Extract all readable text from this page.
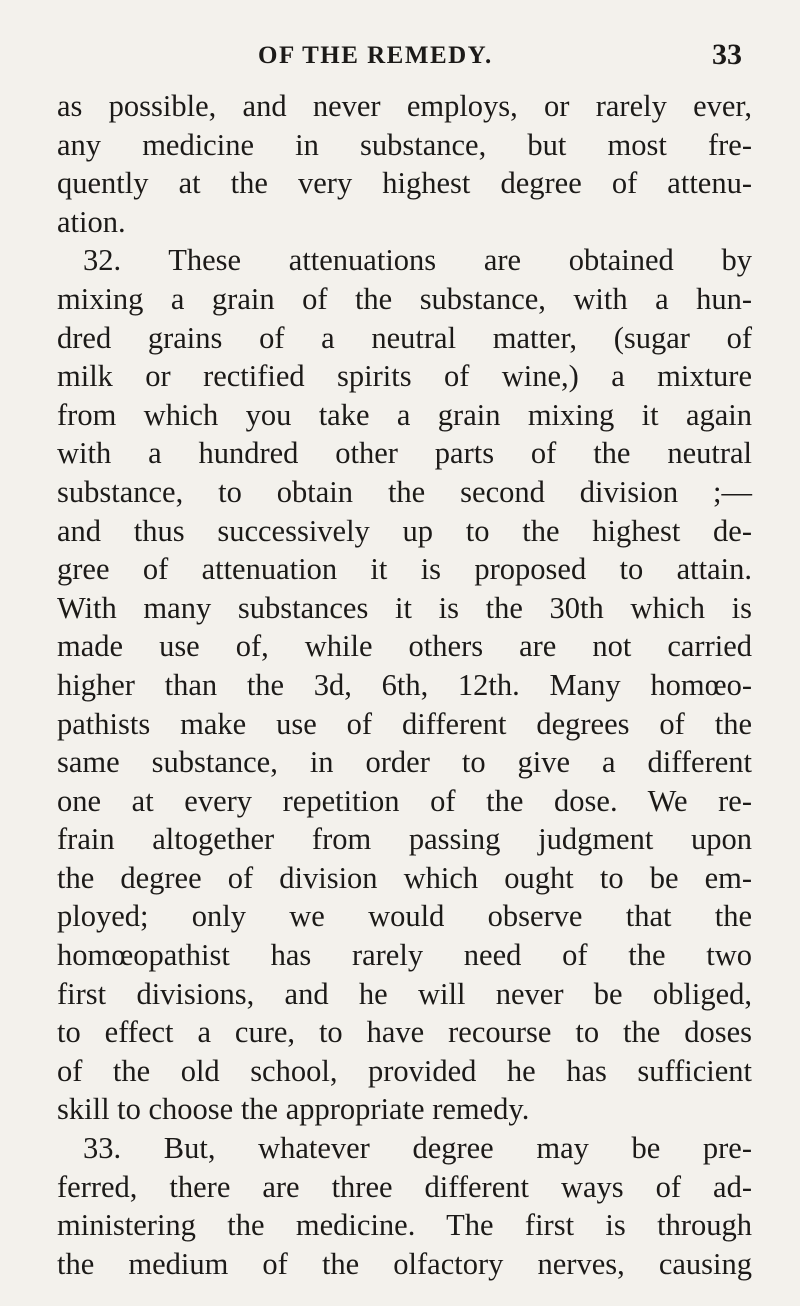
OF THE REMEDY.	33
as possible, and never employs, or rarely ever,
any medicine in substance, but most fre-
quently at the very highest degree of attenu-
ation.
32. These attenuations are obtained by
mixing a grain of the substance, with a hun-
dred grains of a neutral matter, (sugar of
milk or rectified spirits of wine,) a mixture
from which you take a grain mixing it again
with a hundred other parts of the neutral
substance, to obtain the second division ;—
and thus successively up to the highest de-
gree of attenuation it is proposed to attain.
With many substances it is the 30th which is
made use of, while others are not carried
higher than the 3d, 6th, 12th. Many homœo-
pathists make use of different degrees of the
same substance, in order to give a different
one at every repetition of the dose. We re-
frain altogether from passing judgment upon
the degree of division which ought to be em-
ployed; only we would observe that the
homœopathist has rarely need of the two
first divisions, and he will never be obliged,
to effect a cure, to have recourse to the doses
of the old school, provided he has sufficient
skill to choose the appropriate remedy.
33. But, whatever degree may be pre-
ferred, there are three different ways of ad-
ministering the medicine. The first is through
the medium of the olfactory nerves, causing
